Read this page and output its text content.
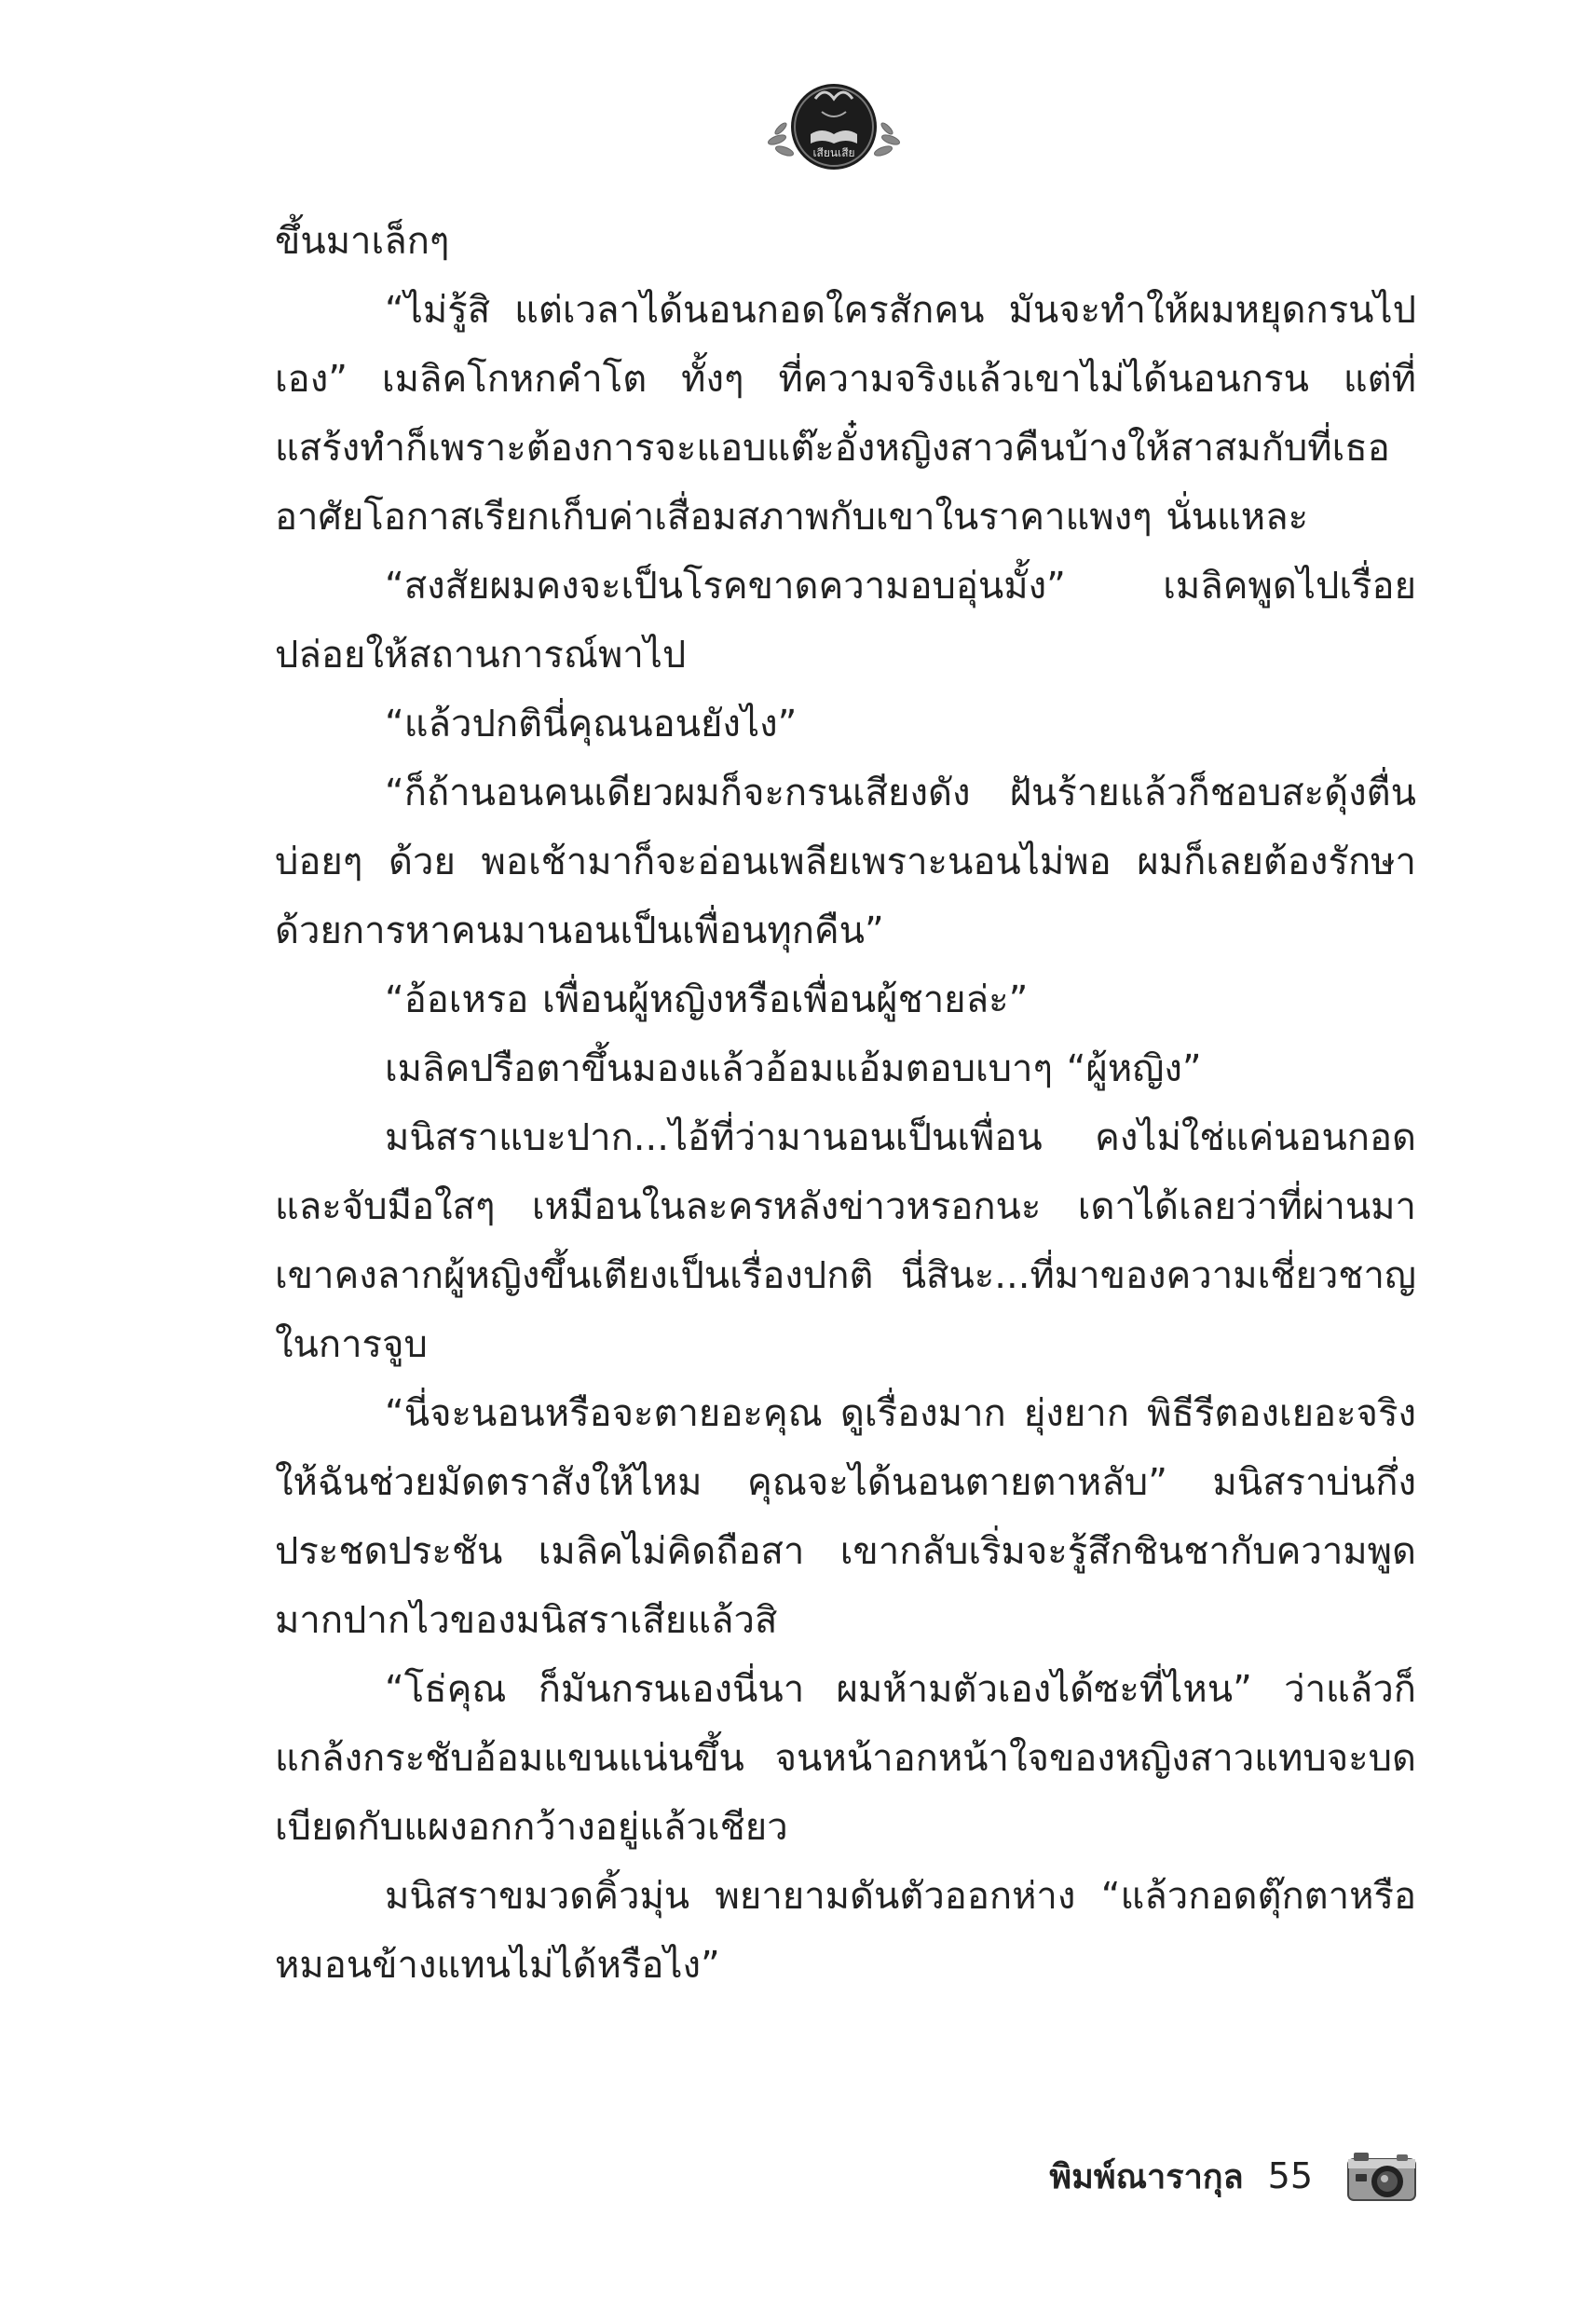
เสียนเสีย

ขึ้นมาเล็กๆ

“ไม่รู้สิ แต่เวลาได้นอนกอดใครสักคน มันจะทำให้ผมหยุดกรนไปเอง” เมลิคโกหกคำโต ทั้งๆ ที่ความจริงแล้วเขาไม่ได้นอนกรน แต่ที่แสร้งทำก็เพราะต้องการจะแอบแต๊ะอั๋งหญิงสาวคืนบ้างให้สาสมกับที่เธออาศัยโอกาสเรียกเก็บค่าเสื่อมสภาพกับเขาในราคาแพงๆ นั่นแหละ

“สงสัยผมคงจะเป็นโรคขาดความอบอุ่นมั้ง” เมลิคพูดไปเรื่อยปล่อยให้สถานการณ์พาไป

“แล้วปกตินี่คุณนอนยังไง”

“ก็ถ้านอนคนเดียวผมก็จะกรนเสียงดัง ฝันร้ายแล้วก็ชอบสะดุ้งตื่นบ่อยๆ ด้วย พอเช้ามาก็จะอ่อนเพลียเพราะนอนไม่พอ ผมก็เลยต้องรักษาด้วยการหาคนมานอนเป็นเพื่อนทุกคืน”

“อ้อเหรอ เพื่อนผู้หญิงหรือเพื่อนผู้ชายล่ะ”

เมลิคปรือตาขึ้นมองแล้วอ้อมแอ้มตอบเบาๆ “ผู้หญิง”

มนิสราแบะปาก...ไอ้ที่ว่ามานอนเป็นเพื่อน คงไม่ใช่แค่นอนกอดและจับมือใสๆ เหมือนในละครหลังข่าวหรอกนะ เดาได้เลยว่าที่ผ่านมาเขาคงลากผู้หญิงขึ้นเตียงเป็นเรื่องปกติ นี่สินะ...ที่มาของความเชี่ยวชาญในการจูบ

“นี่จะนอนหรือจะตายอะคุณ ดูเรื่องมาก ยุ่งยาก พิธีรีตองเยอะจริง ให้ฉันช่วยมัดตราสังให้ไหม คุณจะได้นอนตายตาหลับ” มนิสราบ่นกึ่งประชดประชัน เมลิคไม่คิดถือสา เขากลับเริ่มจะรู้สึกชินชากับความพูดมากปากไวของมนิสราเสียแล้วสิ

“โธ่คุณ ก็มันกรนเองนี่นา ผมห้ามตัวเองได้ซะที่ไหน” ว่าแล้วก็แกล้งกระชับอ้อมแขนแน่นขึ้น จนหน้าอกหน้าใจของหญิงสาวแทบจะบดเบียดกับแผงอกกว้างอยู่แล้วเชียว

มนิสราขมวดคิ้วมุ่น พยายามดันตัวออกห่าง “แล้วกอดตุ๊กตาหรือหมอนข้างแทนไม่ได้หรือไง”

พิมพ์ณารากุล 55
